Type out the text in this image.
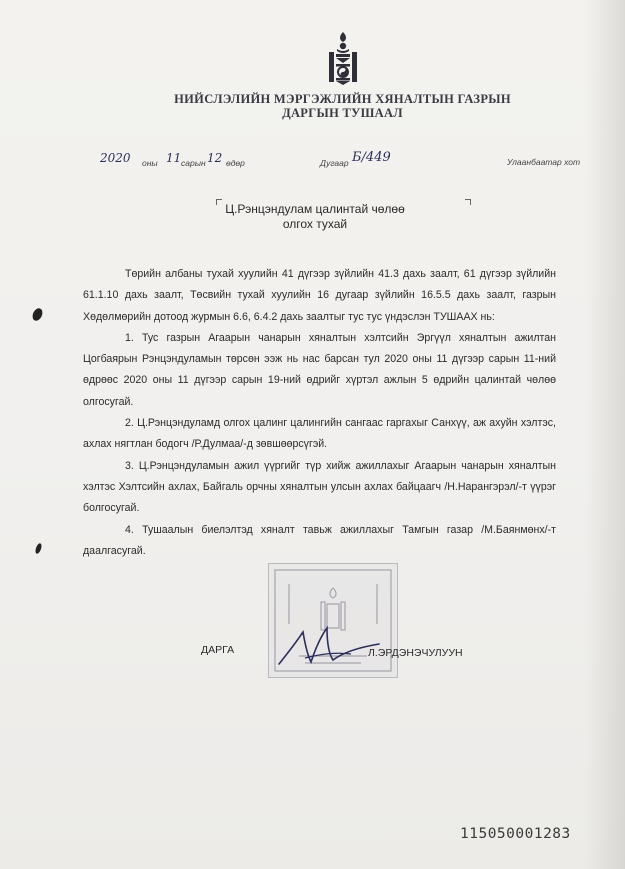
НИЙСЛЭЛИЙН МЭРГЭЖЛИЙН ХЯНАЛТЫН ГАЗРЫН
ДАРГЫН ТУШААЛ
2020 оны 11 сарын 12 өдөр	Дугаар Б/449	Улаанбаатар хот
Ц.Рэнцэндулам цалинтай чөлөө
олгох тухай

Төрийн албаны тухай хуулийн 41 дүгээр зүйлийн 41.3 дахь заалт, 61 дүгээр зүйлийн 61.1.10 дахь заалт, Төсвийн тухай хуулийн 16 дугаар зүйлийн 16.5.5 дахь заалт, газрын Хөдөлмөрийн дотоод журмын 6.6, 6.4.2 дахь заалтыг тус тус үндэслэн ТУШААХ нь:

1. Тус газрын Агаарын чанарын хяналтын хэлтсийн Эргүүл хяналтын ажилтан Цогбаярын Рэнцэндуламын төрсөн ээж нь нас барсан тул 2020 оны 11 дүгээр сарын 11-ний өдрөөс 2020 оны 11 дүгээр сарын 19-ний өдрийг хүртэл ажлын 5 өдрийн цалинтай чөлөө олгосугай.

2. Ц.Рэнцэндуламд олгох цалинг цалингийн сангаас гаргахыг Санхүү, аж ахуйн хэлтэс, ахлах нягтлан бодогч /Р.Дулмаа/-д зөвшөөрсүгэй.

3. Ц.Рэнцэндуламын ажил үүргийг түр хийж ажиллахыг Агаарын чанарын хяналтын хэлтэс Хэлтсийн ахлах, Байгаль орчны хяналтын улсын ахлах байцаагч /Н.Нарангэрэл/-т үүрэг болгосугай.

4. Тушаалын биелэлтэд хяналт тавьж ажиллахыг Тамгын газар /М.Баянмөнх/-т даалгасугай.

ДАРГА	Л.ЭРДЭНЭЧУЛУУН
115050001283
